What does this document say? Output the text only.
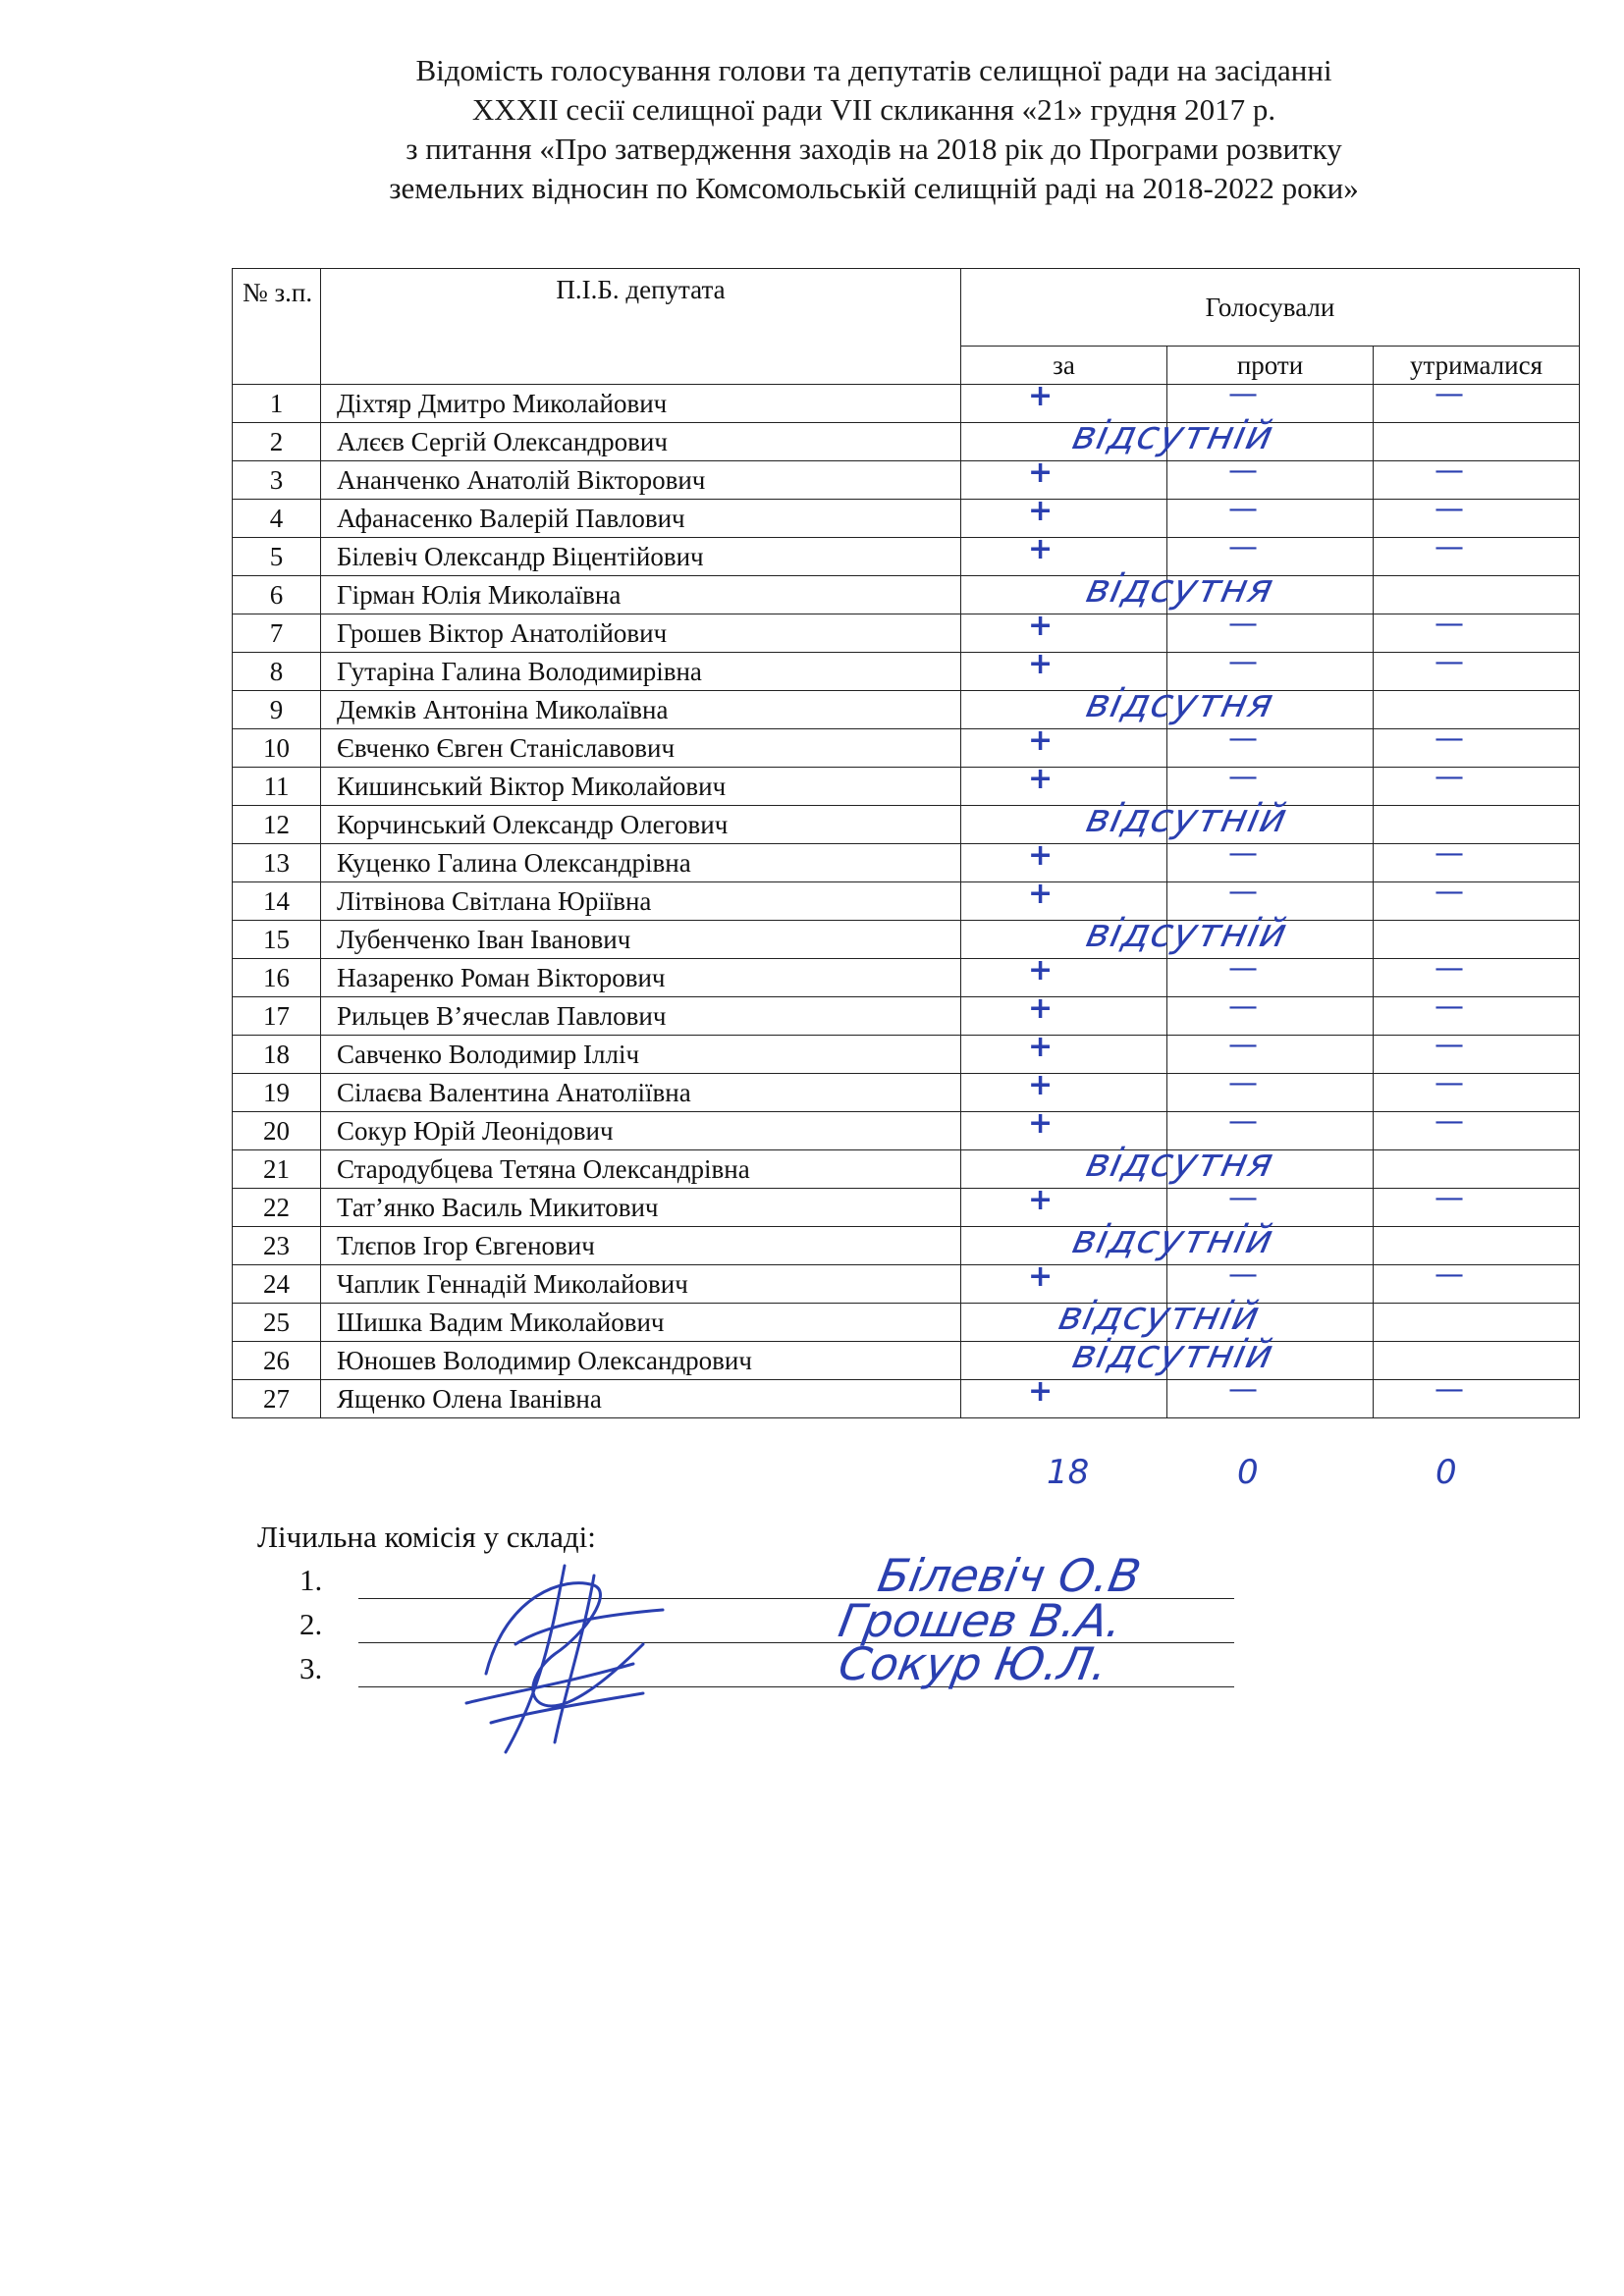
Відомість голосування голови та депутатів селищної ради на засіданні
XXXII сесії селищної ради VII скликання «21» грудня 2017 р.
з питання «Про затвердження заходів на 2018 рік до Програми розвитку
земельних відносин по Комсомольській селищній раді на 2018-2022 роки»
№ з.п.	П.І.Б. депутата	Голосували		
		за	проти	утрималися
1	Діхтяр Дмитро Миколайович	+	—	—

2	Алєєв Сергій Олександрович	відсутній		

3	Ананченко Анатолій Вікторович	+	—	—

4	Афанасенко Валерій Павлович	+	—	—

5	Білевіч Олександр Віцентійович	+	—	—

6	Гірман Юлія Миколаївна	відсутня		

7	Грошев Віктор Анатолійович	+	—	—

8	Гутаріна Галина Володимирівна	+	—	—

9	Демків Антоніна Миколаївна	відсутня		

10	Євченко Євген Станіславович	+	—	—

11	Кишинський Віктор Миколайович	+	—	—

12	Корчинський Олександр Олегович	відсутній		

13	Куценко Галина Олександрівна	+	—	—

14	Літвінова Світлана Юріївна	+	—	—

15	Лубенченко Іван Іванович	відсутній		

16	Назаренко Роман Вікторович	+	—	—

17	Рильцев В’ячеслав Павлович	+	—	—

18	Савченко Володимир Ілліч	+	—	—

19	Сілаєва Валентина Анатоліївна	+	—	—

20	Сокур Юрій Леонідович	+	—	—

21	Стародубцева Тетяна Олександрівна	відсутня		

22	Тат’янко Василь Микитович	+	—	—

23	Тлєпов Ігор Євгенович	відсутній		

24	Чаплик Геннадій Миколайович	+	—	—

25	Шишка Вадим Миколайович	відсутній		

26	Юношев Володимир Олександрович	відсутній		

27	Ященко Олена Іванівна	+	—	—
18	0	0
Лічильна комісія у складі:
1.	Білевіч О.В
2.	Грошев В.А.
3.	Сокур Ю.Л.
